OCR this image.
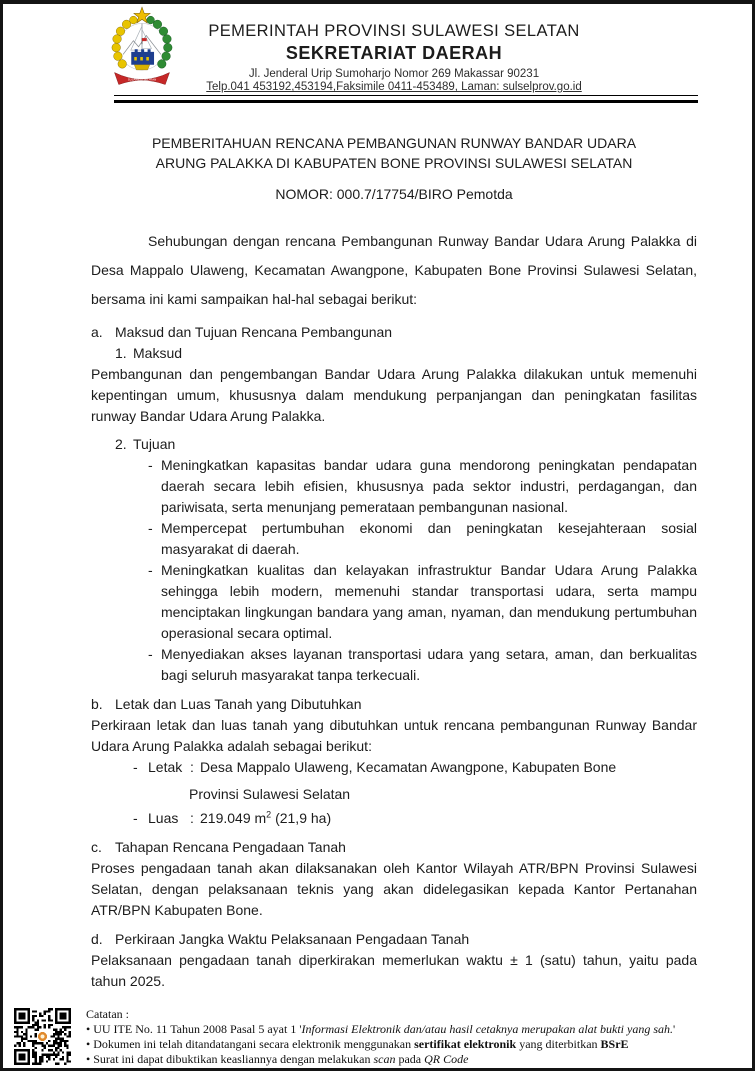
SULAWESI SELATAN
PEMERINTAH PROVINSI SULAWESI SELATAN
SEKRETARIAT DAERAH
Jl. Jenderal Urip Sumoharjo Nomor 269 Makassar 90231
Telp.041 453192,453194,Faksimile 0411-453489, Laman: sulselprov.go.id
PEMBERITAHUAN RENCANA PEMBANGUNAN RUNWAY BANDAR UDARA
ARUNG PALAKKA DI KABUPATEN BONE PROVINSI SULAWESI SELATAN
NOMOR: 000.7/17754/BIRO Pemotda

Sehubungan dengan rencana Pembangunan Runway Bandar Udara Arung Palakka di Desa Mappalo Ulaweng, Kecamatan Awangpone, Kabupaten Bone Provinsi Sulawesi Selatan, bersama ini kami sampaikan hal-hal sebagai berikut:

a. Maksud dan Tujuan Rencana Pembangunan
1. Maksud

Pembangunan dan pengembangan Bandar Udara Arung Palakka dilakukan untuk memenuhi kepentingan umum, khususnya dalam mendukung perpanjangan dan peningkatan fasilitas runway Bandar Udara Arung Palakka.

2. Tujuan
- Meningkatkan kapasitas bandar udara guna mendorong peningkatan pendapatan daerah secara lebih efisien, khususnya pada sektor industri, perdagangan, dan pariwisata, serta menunjang pemerataan pembangunan nasional.

- Mempercepat pertumbuhan ekonomi dan peningkatan kesejahteraan sosial masyarakat di daerah.

- Meningkatkan kualitas dan kelayakan infrastruktur Bandar Udara Arung Palakka sehingga lebih modern, memenuhi standar transportasi udara, serta mampu menciptakan lingkungan bandara yang aman, nyaman, dan mendukung pertumbuhan operasional secara optimal.

- Menyediakan akses layanan transportasi udara yang setara, aman, dan berkualitas bagi seluruh masyarakat tanpa terkecuali.

b. Letak dan Luas Tanah yang Dibutuhkan

Perkiraan letak dan luas tanah yang dibutuhkan untuk rencana pembangunan Runway Bandar Udara Arung Palakka adalah sebagai berikut:

- Letak : Desa Mappalo Ulaweng, Kecamatan Awangpone, Kabupaten Bone
Provinsi Sulawesi Selatan
- Luas : 219.049 $m^2$ (21,9 ha)
c. Tahapan Rencana Pengadaan Tanah

Proses pengadaan tanah akan dilaksanakan oleh Kantor Wilayah ATR/BPN Provinsi Sulawesi Selatan, dengan pelaksanaan teknis yang akan didelegasikan kepada Kantor Pertanahan ATR/BPN Kabupaten Bone.

d. Perkiraan Jangka Waktu Pelaksanaan Pengadaan Tanah

Pelaksanaan pengadaan tanah diperkirakan memerlukan waktu ± 1 (satu) tahun, yaitu pada tahun 2025.

Catatan :
• UU ITE No. 11 Tahun 2008 Pasal 5 ayat 1 'Informasi Elektronik dan/atau hasil cetaknya merupakan alat bukti yang sah.'
• Dokumen ini telah ditandatangani secara elektronik menggunakan sertifikat elektronik yang diterbitkan BSrE
• Surat ini dapat dibuktikan keasliannya dengan melakukan scan pada QR Code
